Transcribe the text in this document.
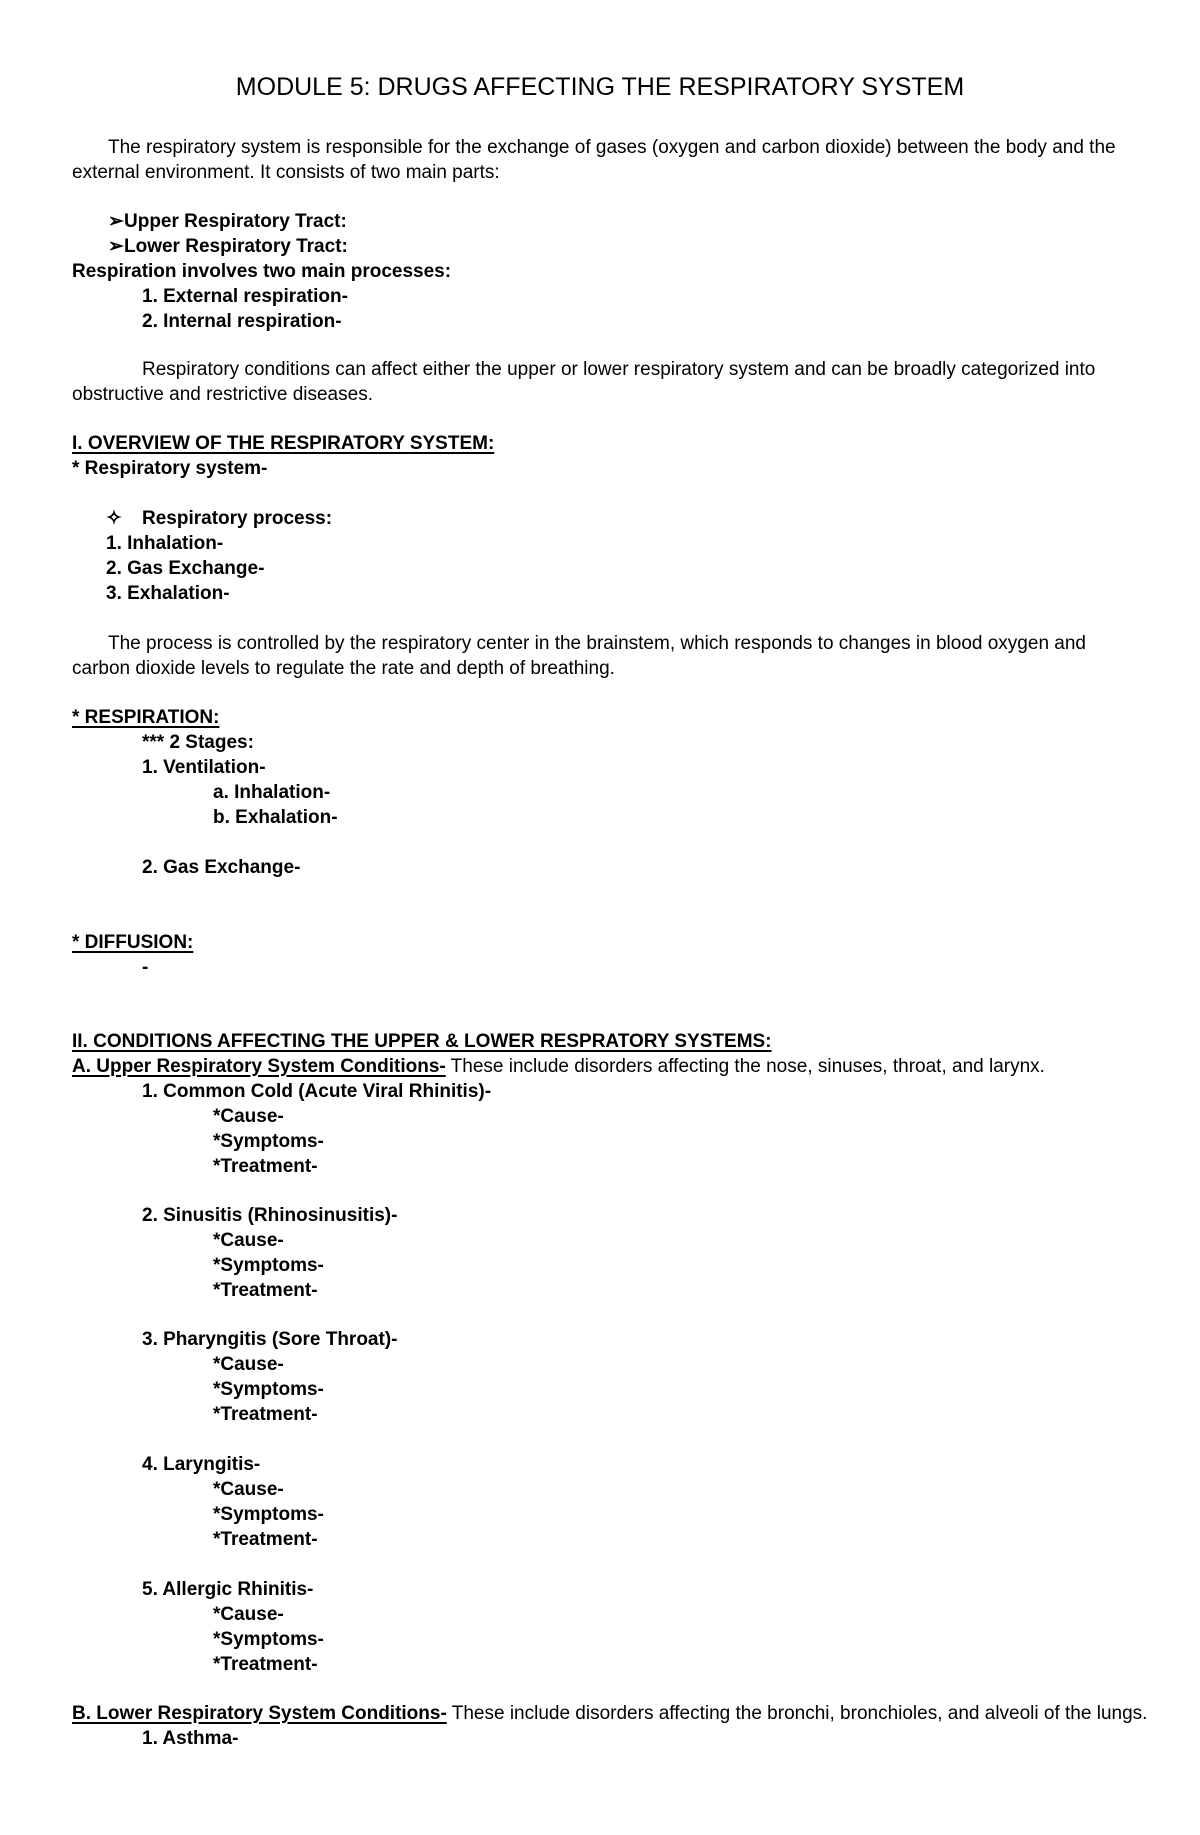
MODULE 5: DRUGS AFFECTING THE RESPIRATORY SYSTEM
The respiratory system is responsible for the exchange of gases (oxygen and carbon dioxide) between the body and the external environment. It consists of two main parts:
➢Upper Respiratory Tract:
➢Lower Respiratory Tract:
Respiration involves two main processes:
1. External respiration-
2. Internal respiration-
Respiratory conditions can affect either the upper or lower respiratory system and can be broadly categorized into obstructive and restrictive diseases.
I. OVERVIEW OF THE RESPIRATORY SYSTEM:
* Respiratory system-
✧ Respiratory process:
1. Inhalation-
2. Gas Exchange-
3. Exhalation-
The process is controlled by the respiratory center in the brainstem, which responds to changes in blood oxygen and carbon dioxide levels to regulate the rate and depth of breathing.
* RESPIRATION:
*** 2 Stages:
1. Ventilation-
a. Inhalation-
b. Exhalation-
2. Gas Exchange-
* DIFFUSION:
-
II. CONDITIONS AFFECTING THE UPPER & LOWER RESPRATORY SYSTEMS:
A. Upper Respiratory System Conditions- These include disorders affecting the nose, sinuses, throat, and larynx.
1. Common Cold (Acute Viral Rhinitis)-
*Cause-
*Symptoms-
*Treatment-
2. Sinusitis (Rhinosinusitis)-
*Cause-
*Symptoms-
*Treatment-
3. Pharyngitis (Sore Throat)-
*Cause-
*Symptoms-
*Treatment-
4. Laryngitis-
*Cause-
*Symptoms-
*Treatment-
5. Allergic Rhinitis-
*Cause-
*Symptoms-
*Treatment-
B. Lower Respiratory System Conditions- These include disorders affecting the bronchi, bronchioles, and alveoli of the lungs.
1. Asthma-
